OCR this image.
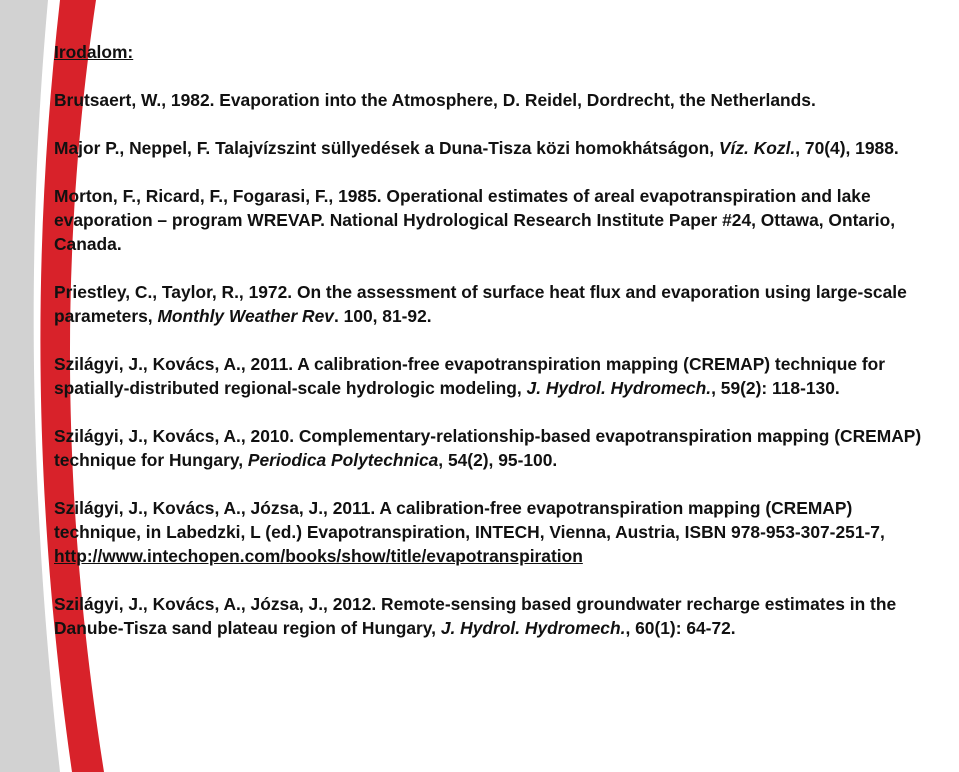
Irodalom:
Brutsaert, W., 1982. Evaporation into the Atmosphere, D. Reidel, Dordrecht, the Netherlands.
Major P., Neppel, F. Talajvízszint süllyedések a Duna-Tisza közi homokhátságon, Víz. Kozl., 70(4), 1988.
Morton, F., Ricard, F., Fogarasi, F., 1985. Operational estimates of areal evapotranspiration and lake evaporation – program WREVAP. National Hydrological Research Institute Paper #24, Ottawa, Ontario, Canada.
Priestley, C., Taylor, R., 1972. On the assessment of surface heat flux and evaporation using large-scale parameters, Monthly Weather Rev. 100, 81-92.
Szilágyi, J., Kovács, A., 2011. A calibration-free evapotranspiration mapping (CREMAP) technique for spatially-distributed regional-scale hydrologic modeling, J. Hydrol. Hydromech., 59(2): 118-130.
Szilágyi, J., Kovács, A., 2010. Complementary-relationship-based evapotranspiration mapping (CREMAP) technique for Hungary, Periodica Polytechnica, 54(2), 95-100.
Szilágyi, J., Kovács, A., Józsa, J., 2011. A calibration-free evapotranspiration mapping (CREMAP) technique, in Labedzki, L (ed.) Evapotranspiration, INTECH, Vienna, Austria, ISBN 978-953-307-251-7, http://www.intechopen.com/books/show/title/evapotranspiration
Szilágyi, J., Kovács, A., Józsa, J., 2012. Remote-sensing based groundwater recharge estimates in the Danube-Tisza sand plateau region of Hungary, J. Hydrol. Hydromech., 60(1): 64-72.
